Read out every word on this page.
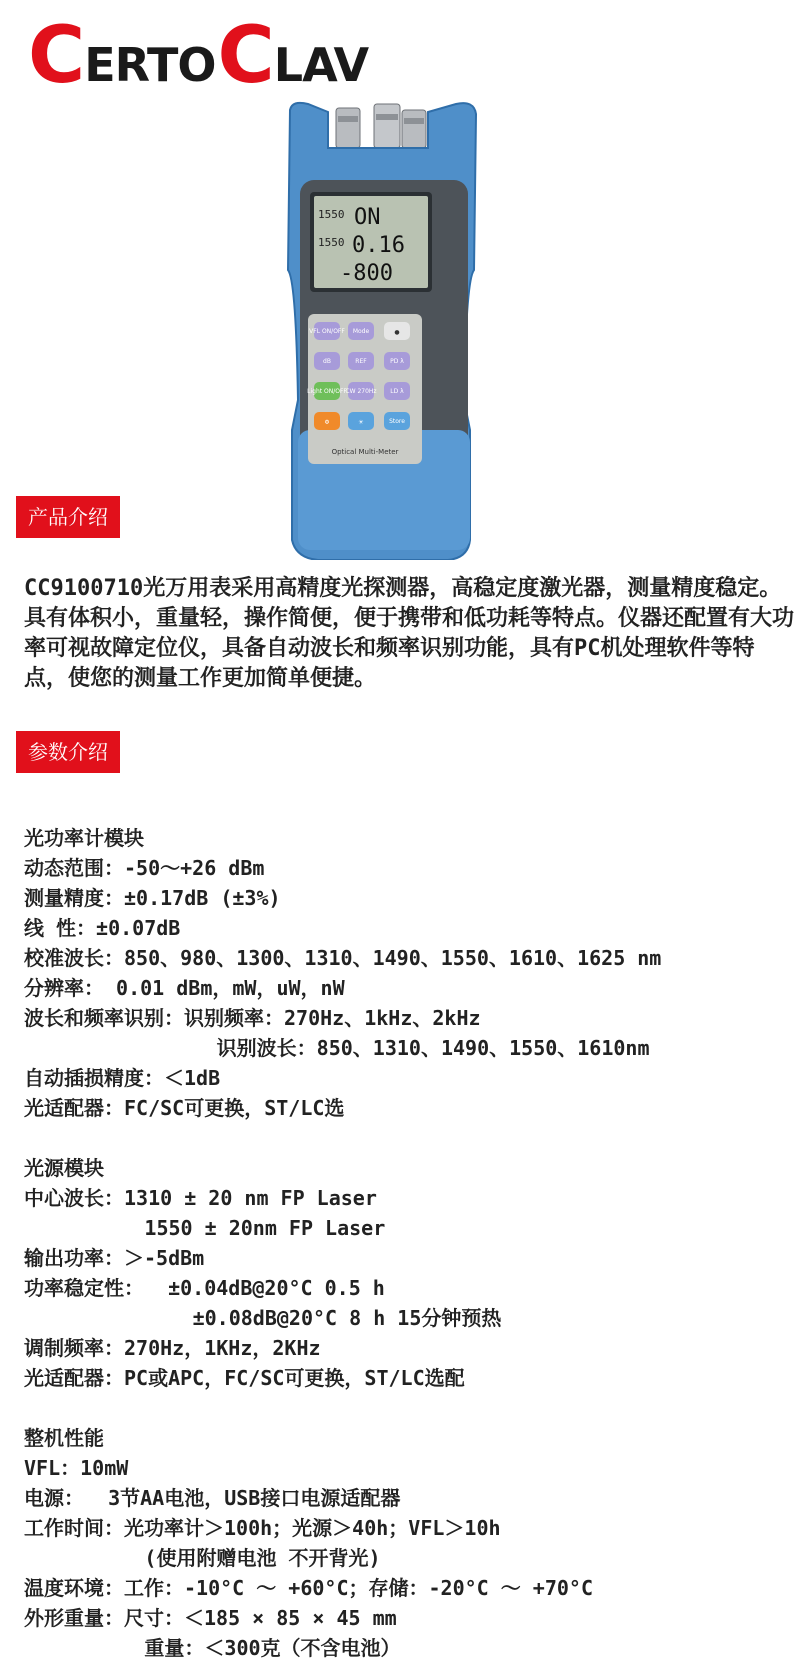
C ERTO C LAV
1550 ON
1550 0.16
-800
VFL ON/OFF Mode	●
dB	REF	PD λ
Light ON/OFF
CW 270Hz LD λ
Φ	☀	Store
Optical Multi-Meter
产品介绍

CC9100710光万用表采用高精度光探测器，高稳定度激光器，测量精度稳定。具有体积小，重量轻，操作简便，便于携带和低功耗等特点。仪器还配置有大功率可视故障定位仪，具备自动波长和频率识别功能，具有PC机处理软件等特点，使您的测量工作更加简单便捷。

参数介绍
光功率计模块
动态范围：-50～+26 dBm
测量精度：±0.17dB (±3%)
线 性：±0.07dB
校准波长：850、980、1300、1310、1490、1550、1610、1625 nm
分辨率： 0.01 dBm，mW，uW，nW
波长和频率识别：识别频率：270Hz、1kHz、2kHz
识别波长：850、1310、1490、1550、1610nm
自动插损精度：＜1dB
光适配器：FC/SC可更换，ST/LC选
光源模块
中心波长：1310 ± 20 nm FP Laser
1550 ± 20nm FP Laser
输出功率：＞-5dBm
功率稳定性：  ±0.04dB@20°C 0.5 h
±0.08dB@20°C 8 h 15分钟预热
调制频率：270Hz，1KHz，2KHz
光适配器：PC或APC，FC/SC可更换，ST/LC选配
整机性能
VFL：10mW
电源：  3节AA电池，USB接口电源适配器
工作时间：光功率计＞100h；光源＞40h；VFL＞10h
(使用附赠电池 不开背光)
温度环境：工作：-10°C ～ +60°C；存储：-20°C ～ +70°C
外形重量：尺寸：＜185 × 85 × 45 mm
重量：＜300克（不含电池）
